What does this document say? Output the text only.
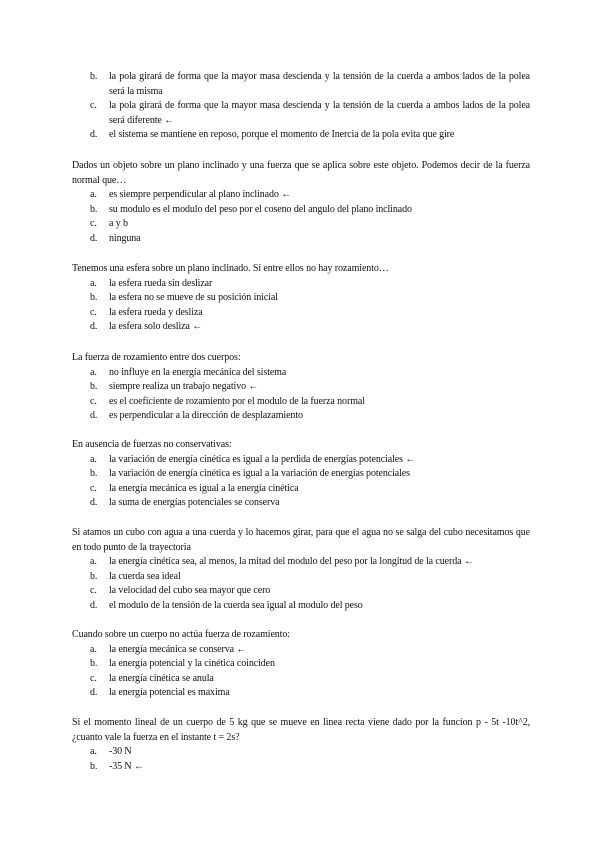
b. la pola girará de forma que la mayor masa descienda y la tensión de la cuerda a ambos lados de la polea será la misma
c. la pola girará de forma que la mayor masa descienda y la tensión de la cuerda a ambos lados de la polea será diferente ←
d. el sistema se mantiene en reposo, porque el momento de Inercia de la pola evita que gire

Dados un objeto sobre un plano inclinado y una fuerza que se aplica sobre este objeto. Podemos decir de la fuerza normal que…

a. es siempre perpendicular al plano inclinado ←
b. su modulo es el modulo del peso por el coseno del angulo del plano inclinado
c. a y b
d. ninguna

Tenemos una esfera sobre un plano inclinado. Si entre ellos no hay rozamiento…

a. la esfera rueda sin deslizar
b. la esfera no se mueve de su posición inicial
c. la esfera rueda y desliza
d. la esfera solo desliza ←

La fuerza de rozamiento entre dos cuerpos:

a. no influye en la energía mecánica del sistema
b. siempre realiza un trabajo negativo ←
c. es el coeficiente de rozamiento por el modulo de la fuerza normal
d. es perpendicular a la dirección de desplazamiento

En ausencia de fuerzas no conservativas:

a. la variación de energía cinética es igual a la perdida de energías potenciales ←
b. la variación de energía cinética es igual a la variación de energías potenciales
c. la energía mecánica es igual a la energía cinética
d. la suma de energías potenciales se conserva

Si atamos un cubo con agua a una cuerda y lo hacemos girar, para que el agua no se salga del cubo necesitamos que en todo punto de la trayectoria

a. la energía cinética sea, al menos, la mitad del modulo del peso por la longitud de la cuerda ←
b. la cuerda sea ideal
c. la velocidad del cubo sea mayor que cero
d. el modulo de la tensión de la cuerda sea igual al modulo del peso

Cuando sobre un cuerpo no actúa fuerza de rozamiento:

a. la energía mecánica se conserva ←
b. la energía potencial y la cinética coinciden
c. la energía cinética se anula
d. la energía potencial es maxima

Si el momento lineal de un cuerpo de 5 kg que se mueve en linea recta viene dado por la funcion p - 5t -10t^2, ¿cuanto vale la fuerza en el instante t = 2s?

a. -30 N
b. -35 N ←
